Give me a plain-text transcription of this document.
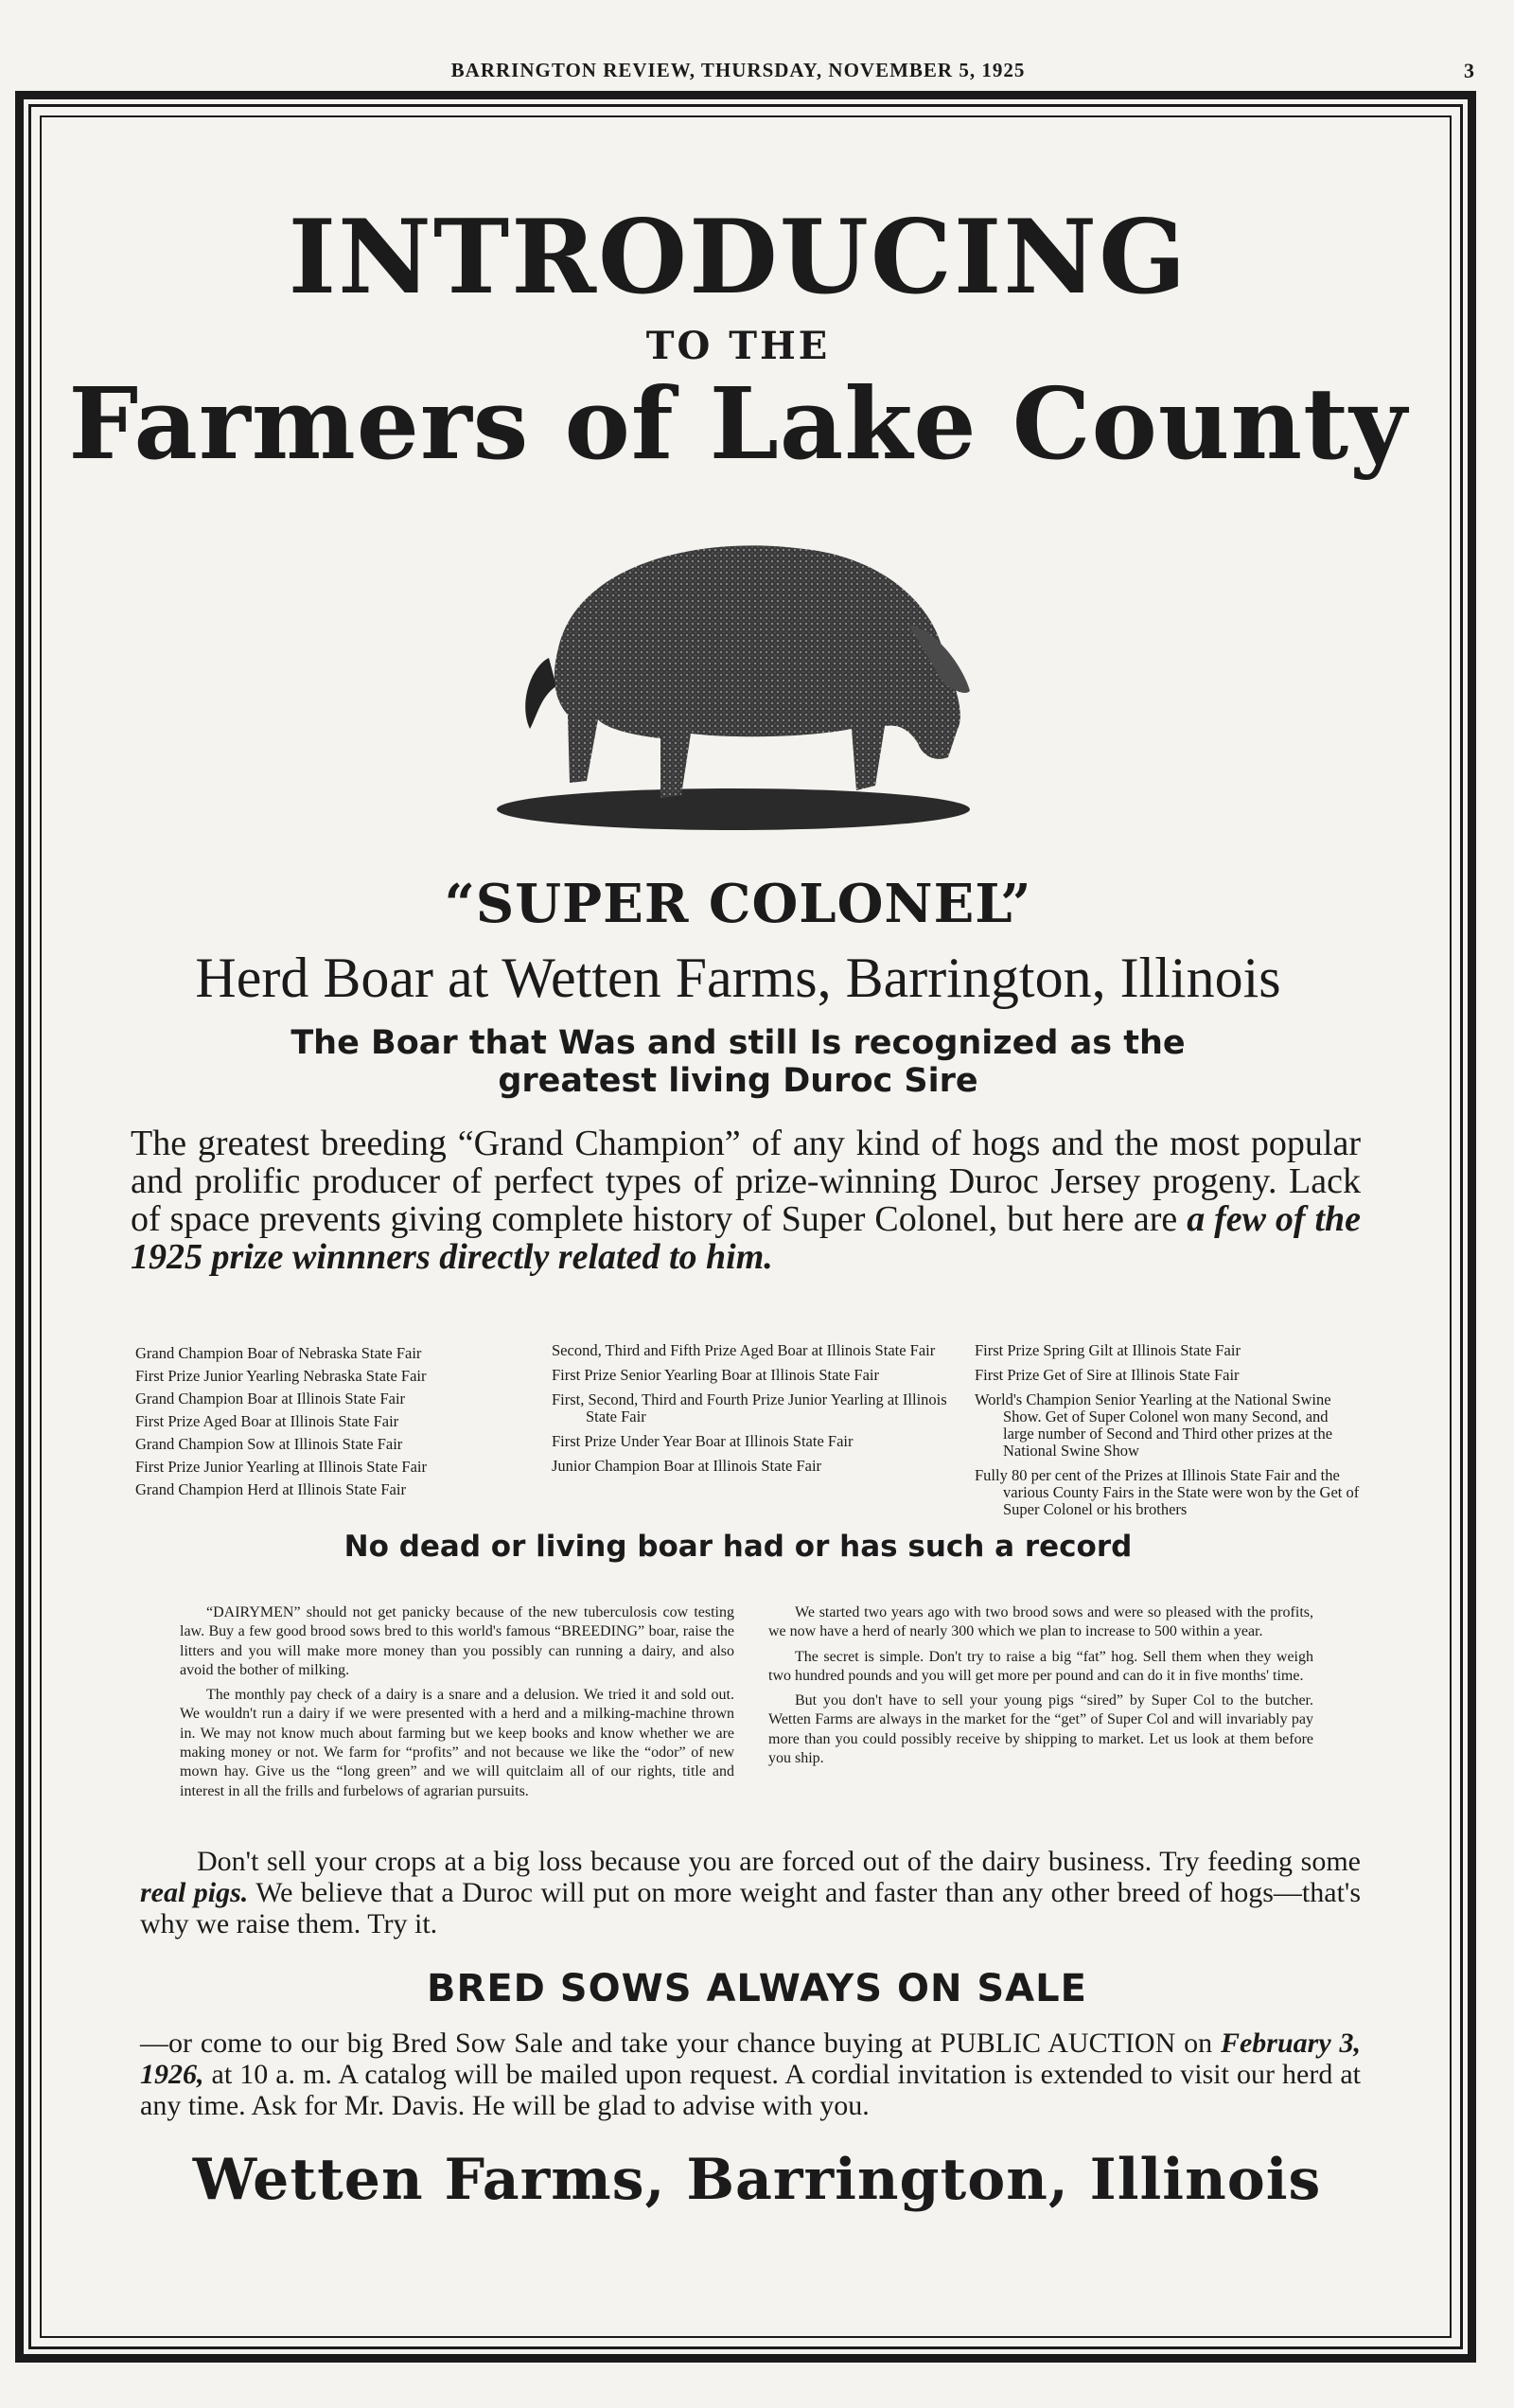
BARRINGTON REVIEW, THURSDAY, NOVEMBER 5, 1925	3
INTRODUCING
TO THE
Farmers of Lake County
“SUPER COLONEL”
Herd Boar at Wetten Farms, Barrington, Illinois
The Boar that Was and still Is recognized as the greatest living Duroc Sire
The greatest breeding “Grand Champion” of any kind of hogs and the most popular and prolific producer of perfect types of prize-winning Duroc Jersey progeny. Lack of space prevents giving complete history of Super Colonel, but here are a few of the 1925 prize winnners directly related to him.
Grand Champion Boar of Nebraska State Fair
First Prize Junior Yearling Nebraska State Fair
Grand Champion Boar at Illinois State Fair
First Prize Aged Boar at Illinois State Fair
Grand Champion Sow at Illinois State Fair
First Prize Junior Yearling at Illinois State Fair
Grand Champion Herd at Illinois State Fair
Second, Third and Fifth Prize Aged Boar at Illinois State Fair
First Prize Senior Yearling Boar at Illinois State Fair
First, Second, Third and Fourth Prize Junior Yearling at Illinois State Fair
First Prize Under Year Boar at Illinois State Fair
Junior Champion Boar at Illinois State Fair
First Prize Spring Gilt at Illinois State Fair
First Prize Get of Sire at Illinois State Fair
World's Champion Senior Yearling at the National Swine Show. Get of Super Colonel won many Second, and large number of Second and Third other prizes at the National Swine Show
Fully 80 per cent of the Prizes at Illinois State Fair and the various County Fairs in the State were won by the Get of Super Colonel or his brothers
No dead or living boar had or has such a record

“DAIRYMEN” should not get panicky because of the new tuberculosis cow testing law. Buy a few good brood sows bred to this world's famous “BREEDING” boar, raise the litters and you will make more money than you possibly can running a dairy, and also avoid the bother of milking.

The monthly pay check of a dairy is a snare and a delusion. We tried it and sold out. We wouldn't run a dairy if we were presented with a herd and a milking-machine thrown in. We may not know much about farming but we keep books and know whether we are making money or not. We farm for “profits” and not because we like the “odor” of new mown hay. Give us the “long green” and we will quitclaim all of our rights, title and interest in all the frills and furbelows of agrarian pursuits.

We started two years ago with two brood sows and were so pleased with the profits, we now have a herd of nearly 300 which we plan to increase to 500 within a year.

The secret is simple. Don't try to raise a big “fat” hog. Sell them when they weigh two hundred pounds and you will get more per pound and can do it in five months' time.

But you don't have to sell your young pigs “sired” by Super Col to the butcher. Wetten Farms are always in the market for the “get” of Super Col and will invariably pay more than you could possibly receive by shipping to market. Let us look at them before you ship.

Don't sell your crops at a big loss because you are forced out of the dairy business. Try feeding some real pigs. We believe that a Duroc will put on more weight and faster than any other breed of hogs—that's why we raise them. Try it.
BRED SOWS ALWAYS ON SALE
—or come to our big Bred Sow Sale and take your chance buying at PUBLIC AUCTION on February 3, 1926, at 10 a. m. A catalog will be mailed upon request. A cordial invitation is extended to visit our herd at any time. Ask for Mr. Davis. He will be glad to advise with you.
Wetten Farms, Barrington, Illinois
